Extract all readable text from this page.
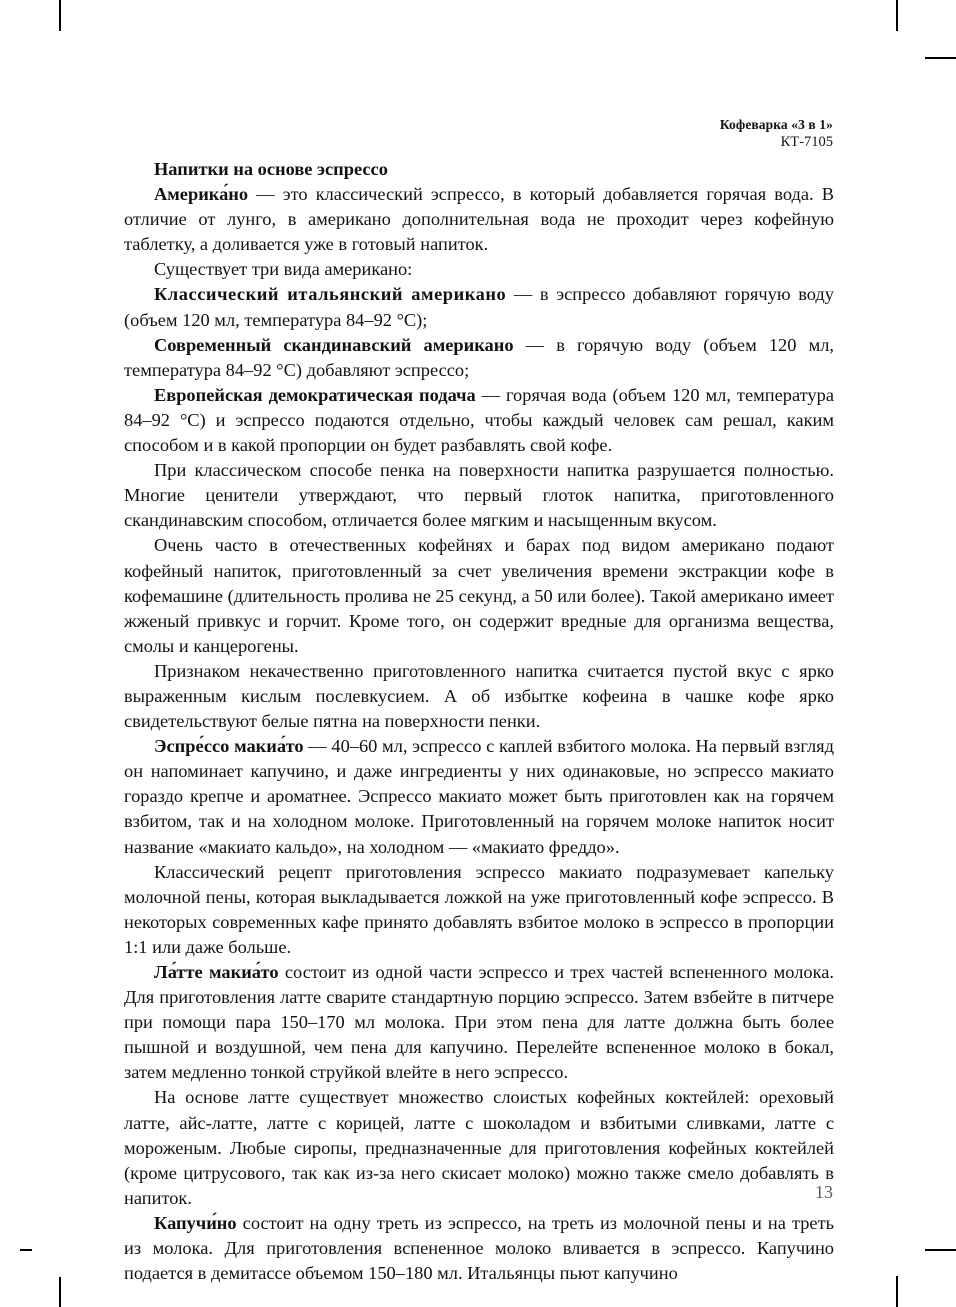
Кофеварка «3 в 1»
КТ-7105

Напитки на основе эспрессо

Америка́но — это классический эспрессо, в который добавляется горячая вода. В отличие от лунго, в американо дополнительная вода не проходит через кофейную таблетку, а доливается уже в готовый напиток.

Существует три вида американо:

Классический итальянский американо — в эспрессо добавляют горячую воду (объем 120 мл, температура 84–92 °C);

Современный скандинавский американо — в горячую воду (объем 120 мл, температура 84–92 °C) добавляют эспрессо;

Европейская демократическая подача — горячая вода (объем 120 мл, температура 84–92 °C) и эспрессо подаются отдельно, чтобы каждый человек сам решал, каким способом и в какой пропорции он будет разбавлять свой кофе.

При классическом способе пенка на поверхности напитка разрушается полностью. Многие ценители утверждают, что первый глоток напитка, приготовленного скандинавским способом, отличается более мягким и насыщенным вкусом.

Очень часто в отечественных кофейнях и барах под видом американо подают кофейный напиток, приготовленный за счет увеличения времени экстракции кофе в кофемашине (длительность пролива не 25 секунд, а 50 или более). Такой американо имеет жженый привкус и горчит. Кроме того, он содержит вредные для организма вещества, смолы и канцерогены.

Признаком некачественно приготовленного напитка считается пустой вкус с ярко выраженным кислым послевкусием. А об избытке кофеина в чашке кофе ярко свидетельствуют белые пятна на поверхности пенки.

Эспре́ссо макиа́то — 40–60 мл, эспрессо с каплей взбитого молока. На первый взгляд он напоминает капучино, и даже ингредиенты у них одинаковые, но эспрессо макиато гораздо крепче и ароматнее. Эспрессо макиато может быть приготовлен как на горячем взбитом, так и на холодном молоке. Приготовленный на горячем молоке напиток носит название «макиато кальдо», на холодном — «макиато фреддо».

Классический рецепт приготовления эспрессо макиато подразумевает капельку молочной пены, которая выкладывается ложкой на уже приготовленный кофе эспрессо. В некоторых современных кафе принято добавлять взбитое молоко в эспрессо в пропорции 1:1 или даже больше.

Ла́тте макиа́то состоит из одной части эспрессо и трех частей вспененного молока. Для приготовления латте сварите стандартную порцию эспрессо. Затем взбейте в питчере при помощи пара 150–170 мл молока. При этом пена для латте должна быть более пышной и воздушной, чем пена для капучино. Перелейте вспененное молоко в бокал, затем медленно тонкой струйкой влейте в него эспрессо.

На основе латте существует множество слоистых кофейных коктейлей: ореховый латте, айс-латте, латте с корицей, латте с шоколадом и взбитыми сливками, латте с мороженым. Любые сиропы, предназначенные для приготовления кофейных коктейлей (кроме цитрусового, так как из-за него скисает молоко) можно также смело добавлять в напиток.

Капучи́но состоит на одну треть из эспрессо, на треть из молочной пены и на треть из молока. Для приготовления вспененное молоко вливается в эспрессо. Капучино подается в демитассе объемом 150–180 мл. Итальянцы пьют капучино

13
